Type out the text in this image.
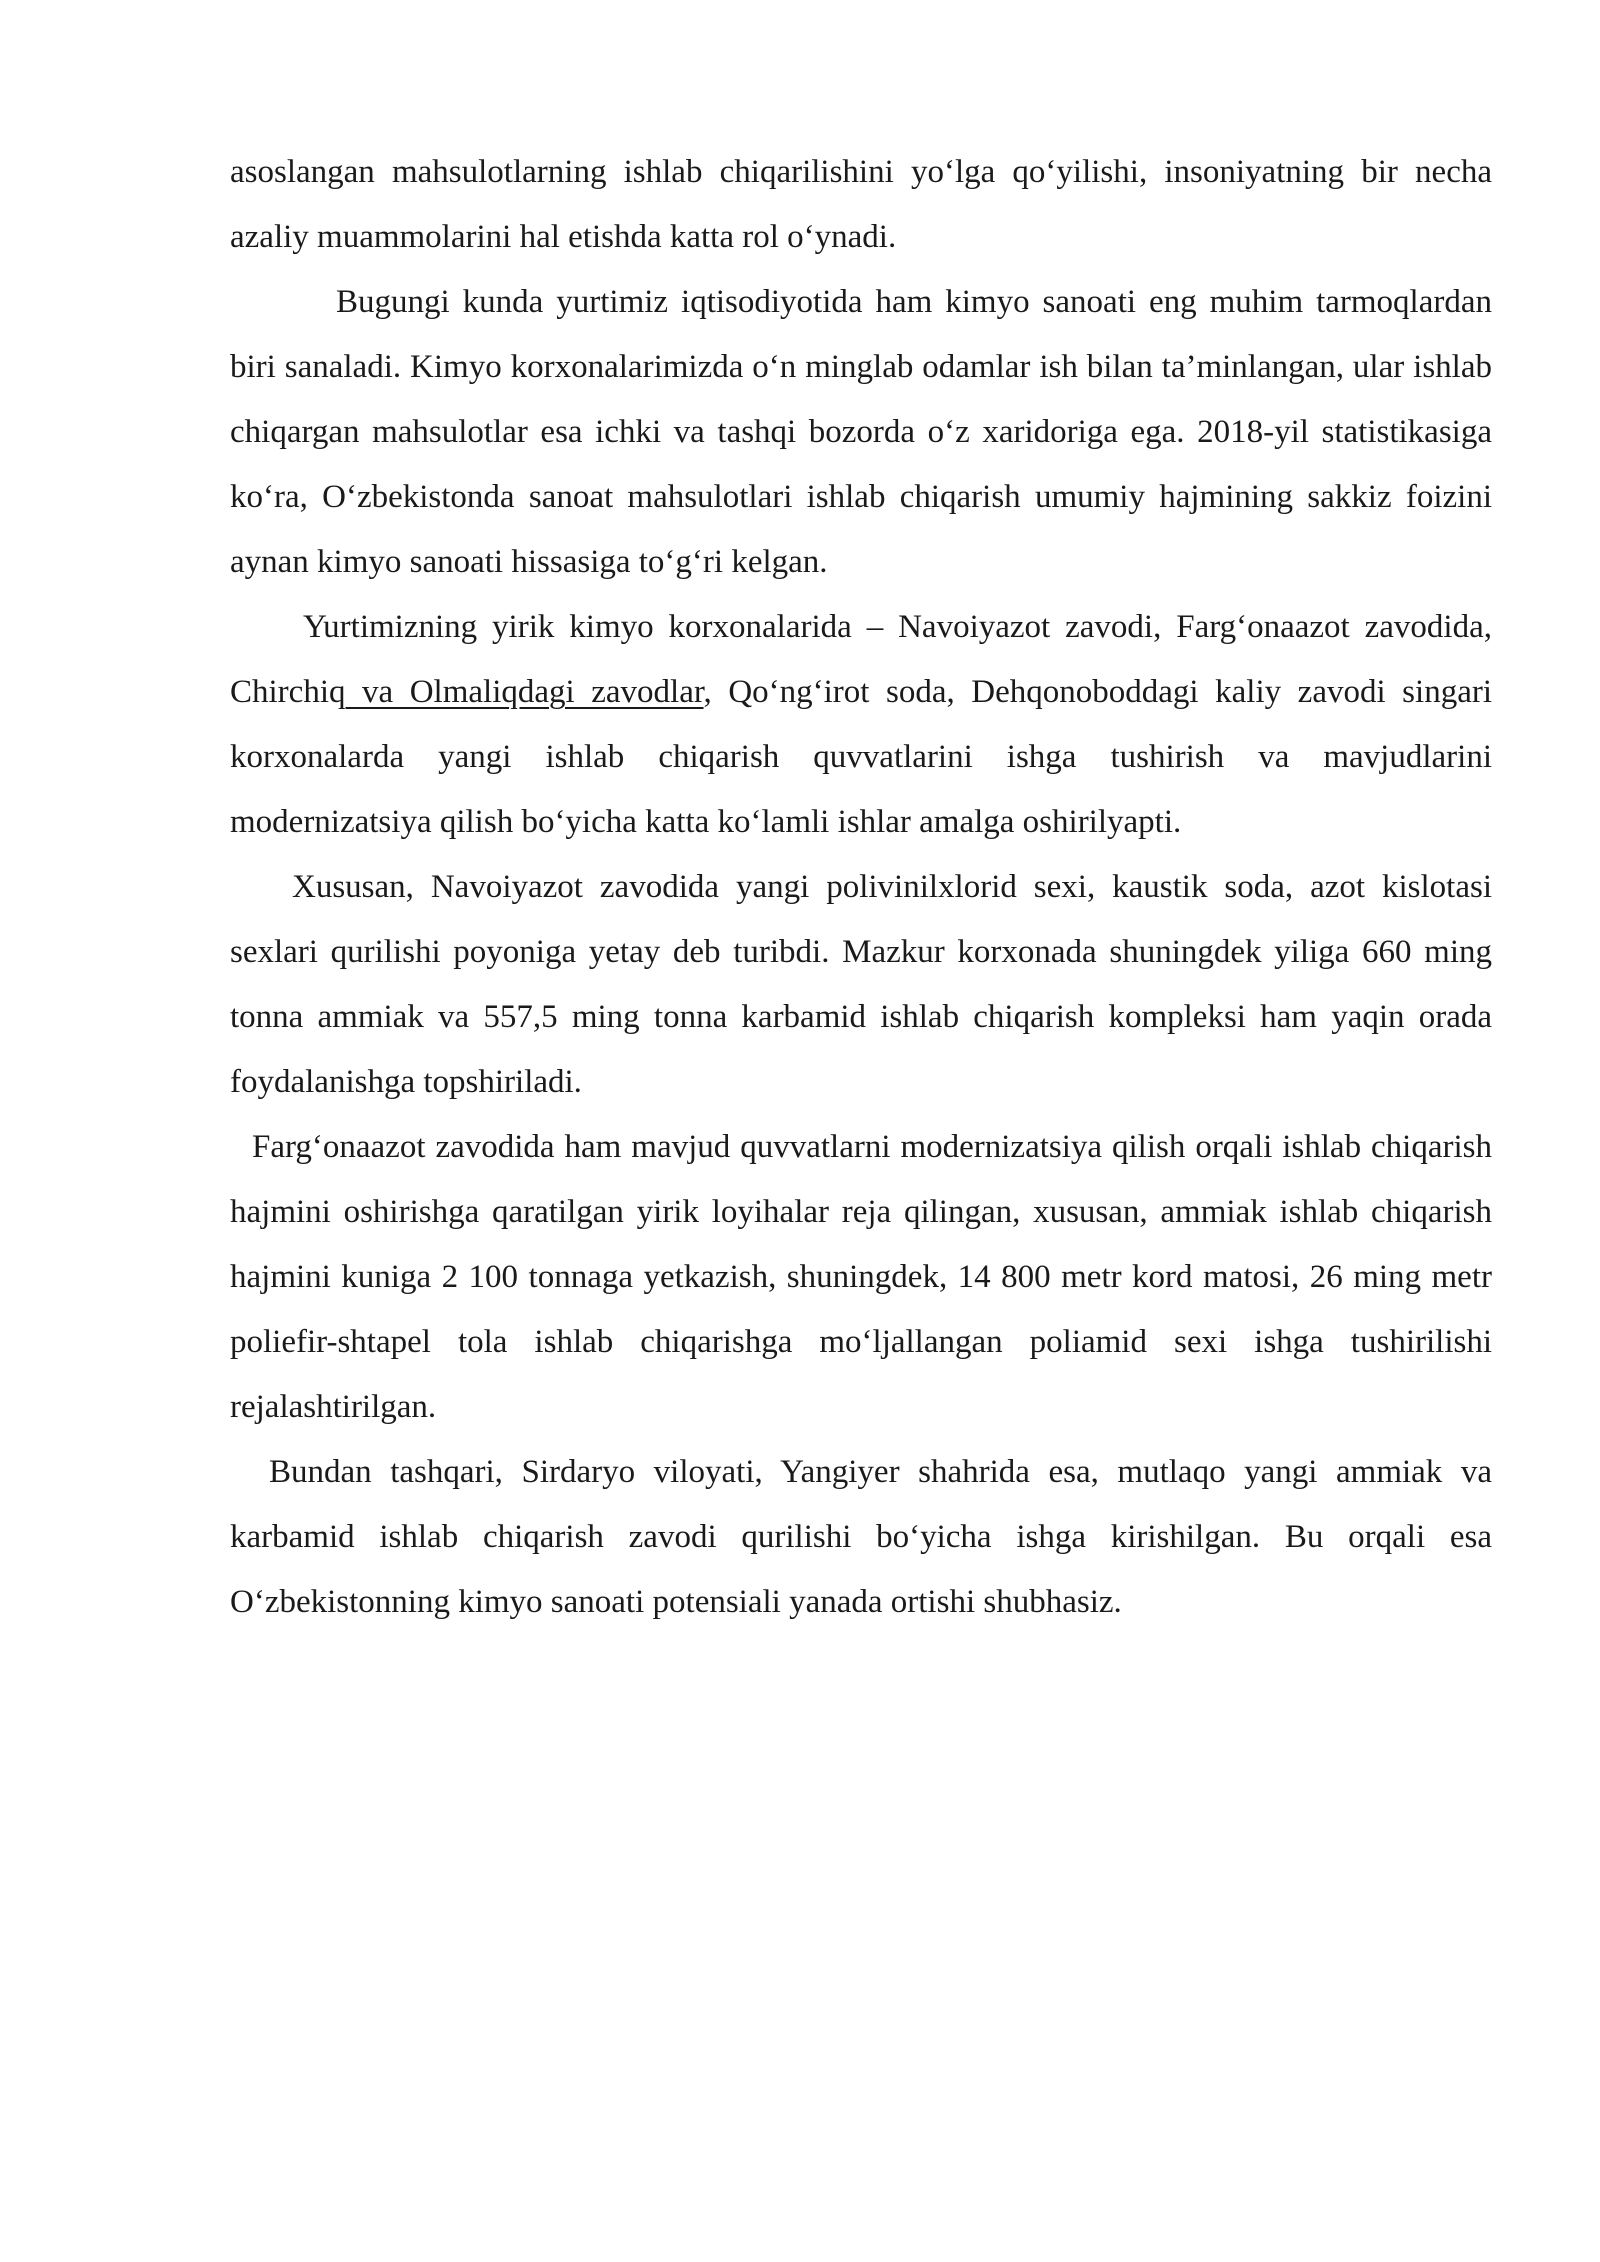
asoslangan mahsulotlarning ishlab chiqarilishini yo‘lga qo‘yilishi, insoniyatning bir necha azaliy muammolarini hal etishda katta rol o‘ynadi.

Bugungi kunda yurtimiz iqtisodiyotida ham kimyo sanoati eng muhim tarmoqlardan biri sanaladi. Kimyo korxonalarimizda o‘n minglab odamlar ish bilan ta’minlangan, ular ishlab chiqargan mahsulotlar esa ichki va tashqi bozorda o‘z xaridoriga ega. 2018-yil statistikasiga ko‘ra, O‘zbekistonda sanoat mahsulotlari ishlab chiqarish umumiy hajmining sakkiz foizini aynan kimyo sanoati hissasiga to‘g‘ri kelgan.

Yurtimizning yirik kimyo korxonalarida – Navoiyazot zavodi, Farg‘onaazot zavodida, Chirchiq va Olmaliqdagi zavodlar, Qo‘ng‘irot soda, Dehqonoboddagi kaliy zavodi singari korxonalarda yangi ishlab chiqarish quvvatlarini ishga tushirish va mavjudlarini modernizatsiya qilish bo‘yicha katta ko‘lamli ishlar amalga oshirilyapti.

Xususan, Navoiyazot zavodida yangi polivinilxlorid sexi, kaustik soda, azot kislotasi sexlari qurilishi poyoniga yetay deb turibdi. Mazkur korxonada shuningdek yiliga 660 ming tonna ammiak va 557,5 ming tonna karbamid ishlab chiqarish kompleksi ham yaqin orada foydalanishga topshiriladi.

Farg‘onaazot zavodida ham mavjud quvvatlarni modernizatsiya qilish orqali ishlab chiqarish hajmini oshirishga qaratilgan yirik loyihalar reja qilingan, xususan, ammiak ishlab chiqarish hajmini kuniga 2 100 tonnaga yetkazish, shuningdek, 14 800 metr kord matosi, 26 ming metr poliefir-shtapel tola ishlab chiqarishga mo‘ljallangan poliamid sexi ishga tushirilishi rejalashtirilgan.

Bundan tashqari, Sirdaryo viloyati, Yangiyer shahrida esa, mutlaqo yangi ammiak va karbamid ishlab chiqarish zavodi qurilishi bo‘yicha ishga kirishilgan. Bu orqali esa O‘zbekistonning kimyo sanoati potensiali yanada ortishi shubhasiz.
